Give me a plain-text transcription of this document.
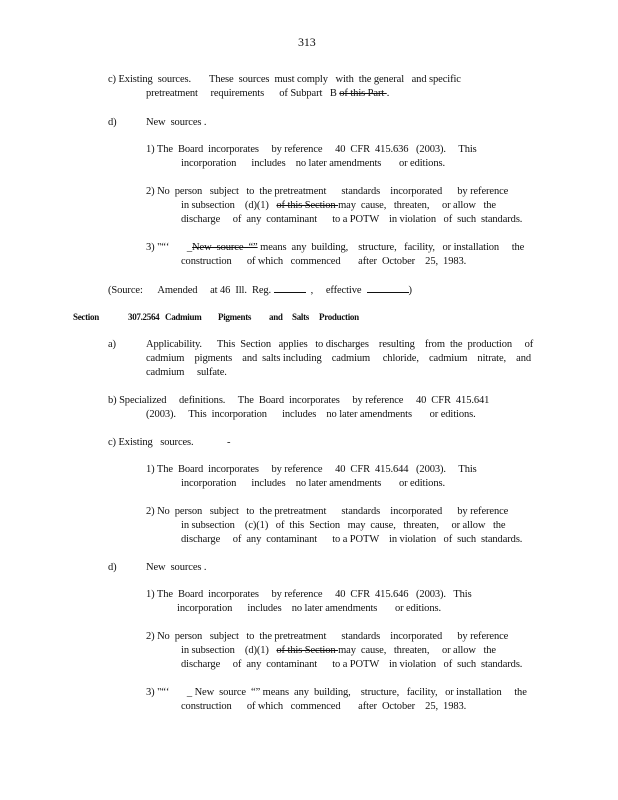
313
c) Existing  sources. These  sources  must comply   with  the general   and specific
pretreatment     requirements      of Subpart   B of this Part .
d)	New  sources .
1) The  Board  incorporates     by reference     40  CFR  415.636   (2003).     This
incorporation      includes    no later amendments       or editions.
2) No  person   subject   to  the pretreatment      standards    incorporated      by reference
in subsection    (d)(1)   of this Section may  cause,   threaten,     or allow   the
discharge     of  any  contaminant      to a POTW    in violation   of  such  standards.
3) "“‘       _New  source  “” means  any  building,    structure,   facility,   or installation     the
construction      of which   commenced       after  October    25,  1983.
(Source:      Amended     at 46  Ill.  Reg.	,     effective	)
Section	307.2564 Cadmium Pigments and Salts Production
a)	Applicability.      This  Section   applies   to discharges    resulting    from  the  production     of
cadmium    pigments    and  salts including    cadmium     chloride,    cadmium    nitrate,    and
cadmium     sulfate.
b) Specialized     definitions.     The  Board  incorporates     by reference     40  CFR  415.641
(2003).     This  incorporation      includes    no later amendments       or editions.
c) Existing   sources.	-
1) The  Board  incorporates     by reference     40  CFR  415.644   (2003).     This
incorporation      includes    no later amendments       or editions.
2) No  person   subject   to  the pretreatment      standards    incorporated      by reference
in subsection    (c)(1)   of  this  Section   may  cause,   threaten,     or allow   the
discharge     of  any  contaminant      to a POTW    in violation   of  such  standards.
d)	New  sources .
1) The  Board  incorporates     by reference     40  CFR  415.646   (2003).   This
incorporation      includes    no later amendments       or editions.
2) No  person   subject   to  the pretreatment      standards    incorporated      by reference
in subsection    (d)(1)   of this Section may  cause,   threaten,     or allow   the
discharge     of  any  contaminant      to a POTW    in violation   of  such  standards.
3) "“‘       _ New  source  “” means  any  building,    structure,   facility,   or installation     the
construction      of which   commenced       after  October    25,  1983.
